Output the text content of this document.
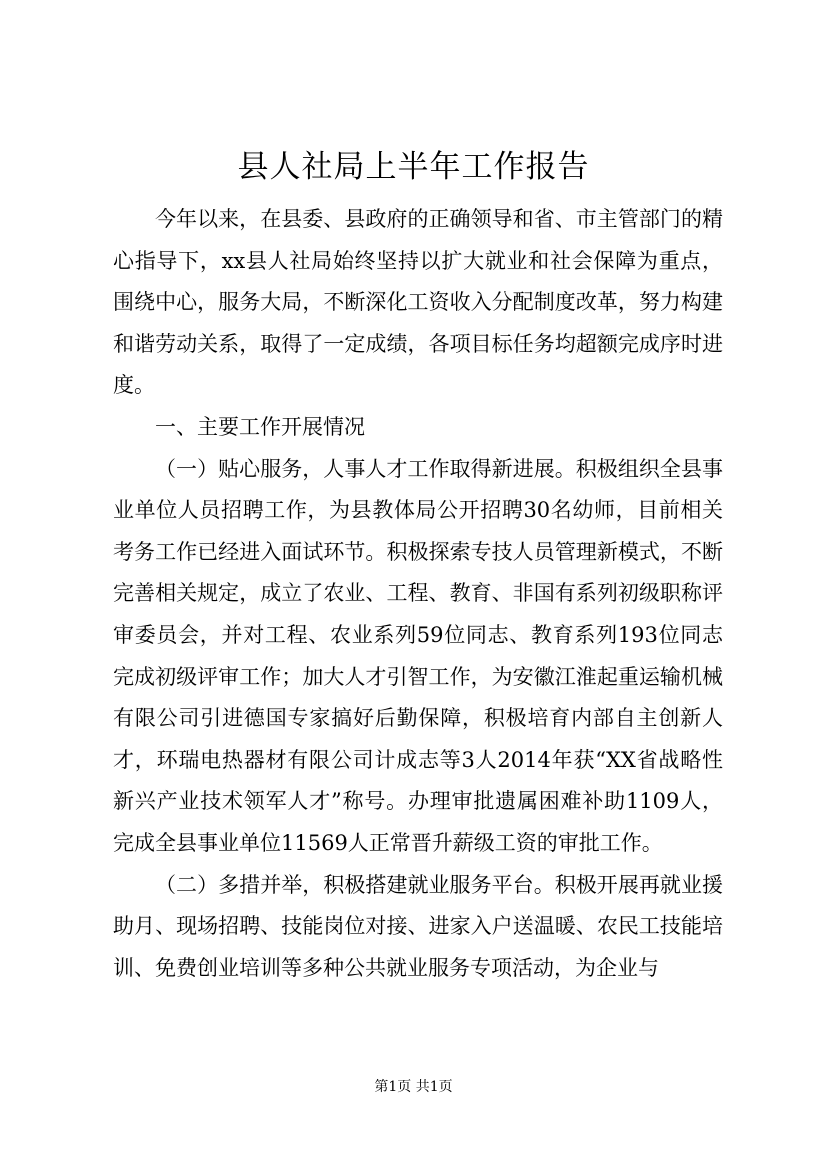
县人社局上半年工作报告

今年以来，在县委、县政府的正确领导和省、市主管部门的精心指导下，xx县人社局始终坚持以扩大就业和社会保障为重点，围绕中心，服务大局，不断深化工资收入分配制度改革，努力构建和谐劳动关系，取得了一定成绩，各项目标任务均超额完成序时进度。

一、主要工作开展情况

（一）贴心服务，人事人才工作取得新进展。积极组织全县事业单位人员招聘工作，为县教体局公开招聘30名幼师，目前相关考务工作已经进入面试环节。积极探索专技人员管理新模式，不断完善相关规定，成立了农业、工程、教育、非国有系列初级职称评审委员会，并对工程、农业系列59位同志、教育系列193位同志完成初级评审工作；加大人才引智工作，为安徽江淮起重运输机械有限公司引进德国专家搞好后勤保障，积极培育内部自主创新人才，环瑞电热器材有限公司计成志等3人2014年获“XX省战略性新兴产业技术领军人才”称号。办理审批遗属困难补助1109人，完成全县事业单位11569人正常晋升薪级工资的审批工作。

（二）多措并举，积极搭建就业服务平台。积极开展再就业援助月、现场招聘、技能岗位对接、进家入户送温暖、农民工技能培训、免费创业培训等多种公共就业服务专项活动，为企业与

第1页 共1页
